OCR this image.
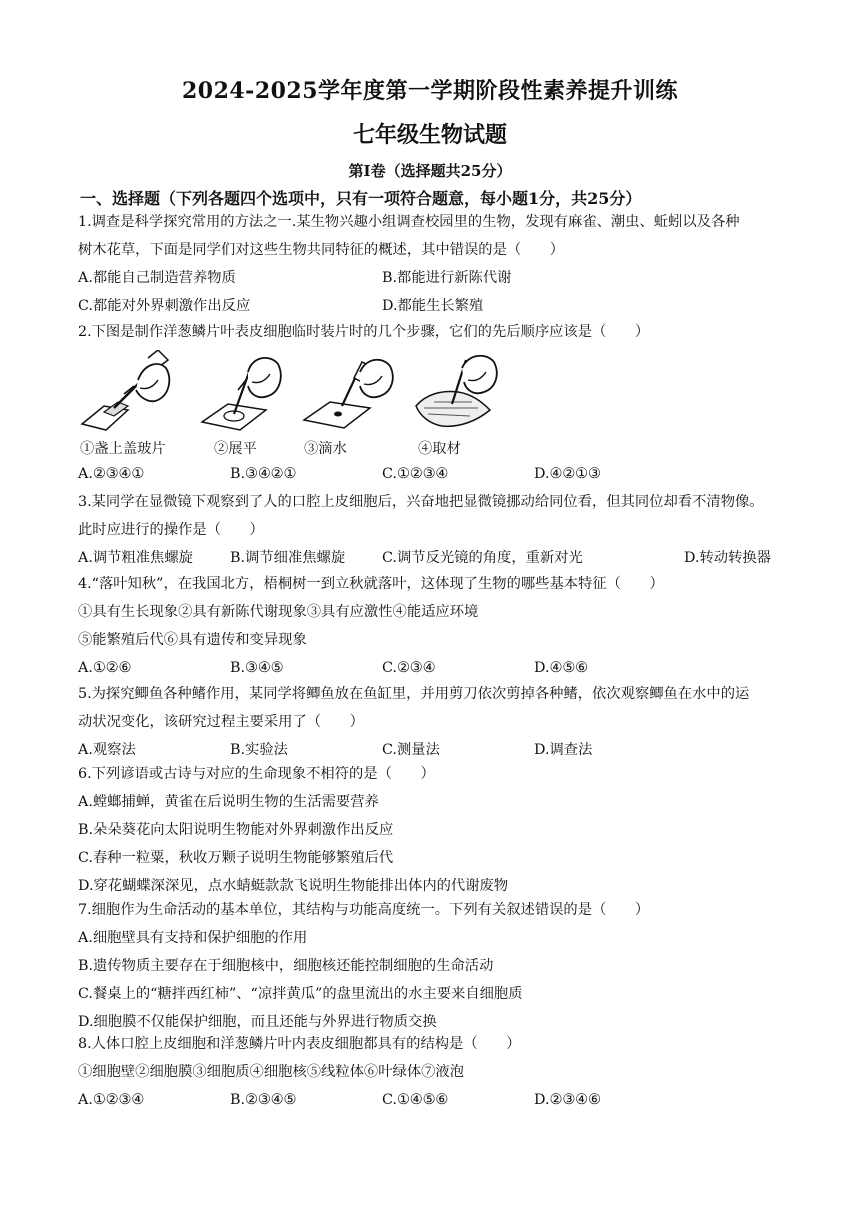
2024-2025学年度第一学期阶段性素养提升训练
七年级生物试题
第Ⅰ卷（选择题共25分）
一、选择题（下列各题四个选项中，只有一项符合题意，每小题1分，共25分）
1.调查是科学探究常用的方法之一.某生物兴趣小组调查校园里的生物，发现有麻雀、潮虫、蚯蚓以及各种
树木花草，下面是同学们对这些生物共同特征的概述，其中错误的是（　　）
A.都能自己制造营养物质	B.都能进行新陈代谢
C.都能对外界刺激作出反应	D.都能生长繁殖
2.下图是制作洋葱鳞片叶表皮细胞临时装片时的几个步骤，它们的先后顺序应该是（　　）
①盏上盖玻片	②展平	③滴水	④取材
A.②③④①	B.③④②①	C.①②③④	D.④②①③
3.某同学在显微镜下观察到了人的口腔上皮细胞后，兴奋地把显微镜挪动给同位看，但其同位却看不清物像。
此时应进行的操作是（　　）
A.调节粗准焦螺旋	B.调节细准焦螺旋	C.调节反光镜的角度，重新对光	D.转动转换器
4.“落叶知秋”，在我国北方，梧桐树一到立秋就落叶，这体现了生物的哪些基本特征（　　）
①具有生长现象②具有新陈代谢现象③具有应激性④能适应环境
⑤能繁殖后代⑥具有遗传和变异现象
A.①②⑥	B.③④⑤	C.②③④	D.④⑤⑥
5.为探究鲫鱼各种鳍作用，某同学将鲫鱼放在鱼缸里，并用剪刀依次剪掉各种鳍，依次观察鲫鱼在水中的运
动状况变化，该研究过程主要采用了（　　）
A.观察法	B.实验法	C.测量法	D.调查法
6.下列谚语或古诗与对应的生命现象不相符的是（　　）
A.螳螂捕蝉，黄雀在后说明生物的生活需要营养
B.朵朵葵花向太阳说明生物能对外界刺激作出反应
C.春种一粒粟，秋收万颗子说明生物能够繁殖后代
D.穿花蝴蝶深深见，点水蜻蜓款款飞说明生物能排出体内的代谢废物
7.细胞作为生命活动的基本单位，其结构与功能高度统一。下列有关叙述错误的是（　　）
A.细胞壁具有支持和保护细胞的作用
B.遗传物质主要存在于细胞核中，细胞核还能控制细胞的生命活动
C.餐桌上的“糖拌西红柿”、“凉拌黄瓜”的盘里流出的水主要来自细胞质
D.细胞膜不仅能保护细胞，而且还能与外界进行物质交换
8.人体口腔上皮细胞和洋葱鳞片叶内表皮细胞都具有的结构是（　　）
①细胞壁②细胞膜③细胞质④细胞核⑤线粒体⑥叶绿体⑦液泡
A.①②③④	B.②③④⑤	C.①④⑤⑥	D.②③④⑥
